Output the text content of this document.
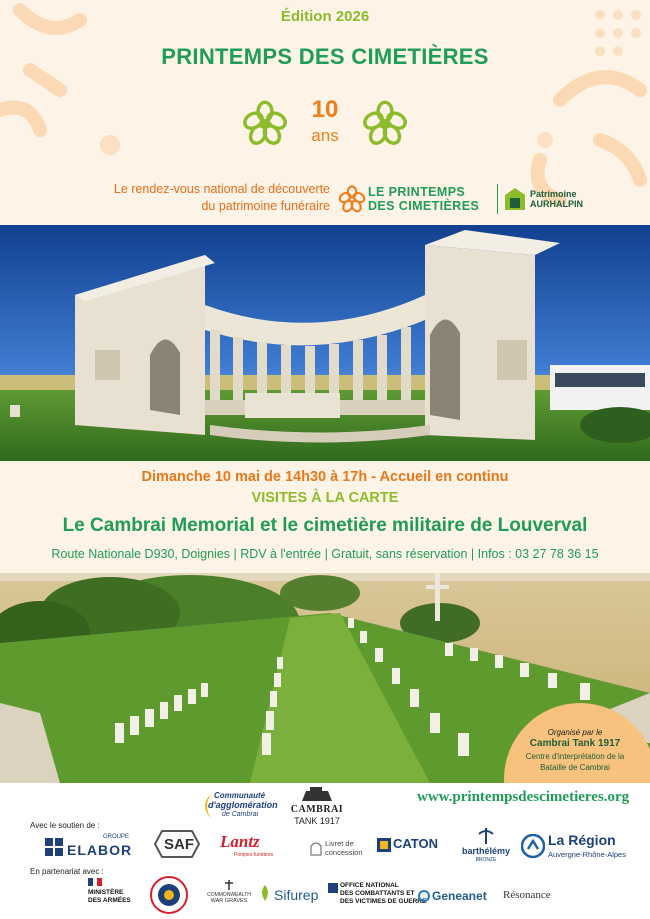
Édition 2026
PRINTEMPS DES CIMETIÈRES
10
ans
Le rendez-vous national de découverte
du patrimoine funéraire
LE PRINTEMPS
DES CIMETIÈRES
Patrimoine
AURHALPIN
Dimanche 10 mai de 14h30 à 17h - Accueil en continu
VISITES À LA CARTE
Le Cambrai Memorial et le cimetière militaire de Louverval
Route Nationale D930, Doignies | RDV à l'entrée | Gratuit, sans réservation | Infos : 03 27 78 36 15
Organisé par le
Cambrai Tank 1917
Centre d'interprétation de la Bataille de Cambrai
Communauté
d'agglomération
de Cambrai	CAMBRAI
TANK 1917
www.printempsdescimetieres.org
Avec le soutien de :
GROUPE
ELABOR SAF Lantz
Pompes funèbres
Livret de
concession
CATON	barthélémy
BRONZE
La Région
Auvergne-Rhône-Alpes
En partenariat avec :
MINISTÈRE
DES ARMÉES
COMMONWEALTH
WAR GRAVES	Sifurep
OFFICE NATIONAL
DES COMBATTANTS ET
DES VICTIMES DE GUERRE Geneanet Résonance
